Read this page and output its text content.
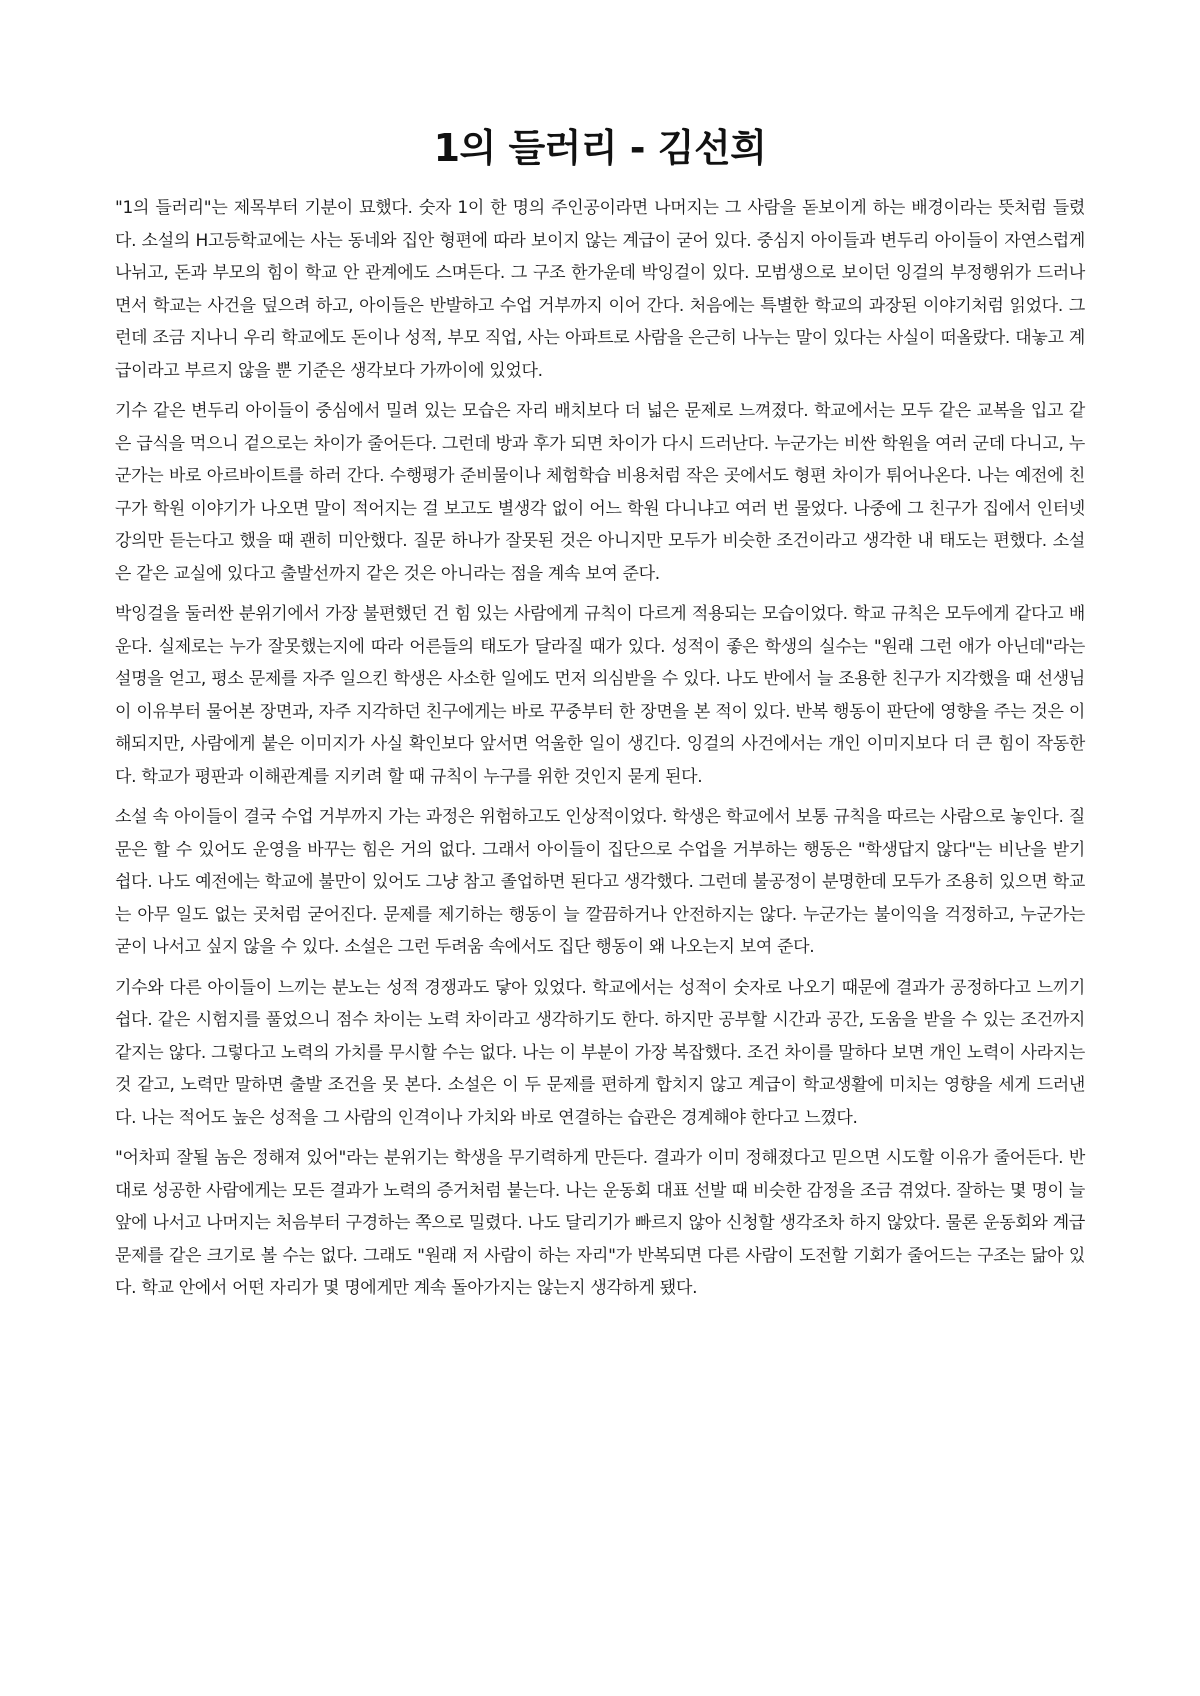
1의 들러리 - 김선희

"1의 들러리"는 제목부터 기분이 묘했다. 숫자 1이 한 명의 주인공이라면 나머지는 그 사람을 돋보이게 하는 배경이라는 뜻처럼 들렸다. 소설의 H고등학교에는 사는 동네와 집안 형편에 따라 보이지 않는 계급이 굳어 있다. 중심지 아이들과 변두리 아이들이 자연스럽게 나뉘고, 돈과 부모의 힘이 학교 안 관계에도 스며든다. 그 구조 한가운데 박잉걸이 있다. 모범생으로 보이던 잉걸의 부정행위가 드러나면서 학교는 사건을 덮으려 하고, 아이들은 반발하고 수업 거부까지 이어 간다. 처음에는 특별한 학교의 과장된 이야기처럼 읽었다. 그런데 조금 지나니 우리 학교에도 돈이나 성적, 부모 직업, 사는 아파트로 사람을 은근히 나누는 말이 있다는 사실이 떠올랐다. 대놓고 계급이라고 부르지 않을 뿐 기준은 생각보다 가까이에 있었다.

기수 같은 변두리 아이들이 중심에서 밀려 있는 모습은 자리 배치보다 더 넓은 문제로 느껴졌다. 학교에서는 모두 같은 교복을 입고 같은 급식을 먹으니 겉으로는 차이가 줄어든다. 그런데 방과 후가 되면 차이가 다시 드러난다. 누군가는 비싼 학원을 여러 군데 다니고, 누군가는 바로 아르바이트를 하러 간다. 수행평가 준비물이나 체험학습 비용처럼 작은 곳에서도 형편 차이가 튀어나온다. 나는 예전에 친구가 학원 이야기가 나오면 말이 적어지는 걸 보고도 별생각 없이 어느 학원 다니냐고 여러 번 물었다. 나중에 그 친구가 집에서 인터넷 강의만 듣는다고 했을 때 괜히 미안했다. 질문 하나가 잘못된 것은 아니지만 모두가 비슷한 조건이라고 생각한 내 태도는 편했다. 소설은 같은 교실에 있다고 출발선까지 같은 것은 아니라는 점을 계속 보여 준다.

박잉걸을 둘러싼 분위기에서 가장 불편했던 건 힘 있는 사람에게 규칙이 다르게 적용되는 모습이었다. 학교 규칙은 모두에게 같다고 배운다. 실제로는 누가 잘못했는지에 따라 어른들의 태도가 달라질 때가 있다. 성적이 좋은 학생의 실수는 "원래 그런 애가 아닌데"라는 설명을 얻고, 평소 문제를 자주 일으킨 학생은 사소한 일에도 먼저 의심받을 수 있다. 나도 반에서 늘 조용한 친구가 지각했을 때 선생님이 이유부터 물어본 장면과, 자주 지각하던 친구에게는 바로 꾸중부터 한 장면을 본 적이 있다. 반복 행동이 판단에 영향을 주는 것은 이해되지만, 사람에게 붙은 이미지가 사실 확인보다 앞서면 억울한 일이 생긴다. 잉걸의 사건에서는 개인 이미지보다 더 큰 힘이 작동한다. 학교가 평판과 이해관계를 지키려 할 때 규칙이 누구를 위한 것인지 묻게 된다.

소설 속 아이들이 결국 수업 거부까지 가는 과정은 위험하고도 인상적이었다. 학생은 학교에서 보통 규칙을 따르는 사람으로 놓인다. 질문은 할 수 있어도 운영을 바꾸는 힘은 거의 없다. 그래서 아이들이 집단으로 수업을 거부하는 행동은 "학생답지 않다"는 비난을 받기 쉽다. 나도 예전에는 학교에 불만이 있어도 그냥 참고 졸업하면 된다고 생각했다. 그런데 불공정이 분명한데 모두가 조용히 있으면 학교는 아무 일도 없는 곳처럼 굳어진다. 문제를 제기하는 행동이 늘 깔끔하거나 안전하지는 않다. 누군가는 불이익을 걱정하고, 누군가는 굳이 나서고 싶지 않을 수 있다. 소설은 그런 두려움 속에서도 집단 행동이 왜 나오는지 보여 준다.

기수와 다른 아이들이 느끼는 분노는 성적 경쟁과도 닿아 있었다. 학교에서는 성적이 숫자로 나오기 때문에 결과가 공정하다고 느끼기 쉽다. 같은 시험지를 풀었으니 점수 차이는 노력 차이라고 생각하기도 한다. 하지만 공부할 시간과 공간, 도움을 받을 수 있는 조건까지 같지는 않다. 그렇다고 노력의 가치를 무시할 수는 없다. 나는 이 부분이 가장 복잡했다. 조건 차이를 말하다 보면 개인 노력이 사라지는 것 같고, 노력만 말하면 출발 조건을 못 본다. 소설은 이 두 문제를 편하게 합치지 않고 계급이 학교생활에 미치는 영향을 세게 드러낸다. 나는 적어도 높은 성적을 그 사람의 인격이나 가치와 바로 연결하는 습관은 경계해야 한다고 느꼈다.

"어차피 잘될 놈은 정해져 있어"라는 분위기는 학생을 무기력하게 만든다. 결과가 이미 정해졌다고 믿으면 시도할 이유가 줄어든다. 반대로 성공한 사람에게는 모든 결과가 노력의 증거처럼 붙는다. 나는 운동회 대표 선발 때 비슷한 감정을 조금 겪었다. 잘하는 몇 명이 늘 앞에 나서고 나머지는 처음부터 구경하는 쪽으로 밀렸다. 나도 달리기가 빠르지 않아 신청할 생각조차 하지 않았다. 물론 운동회와 계급 문제를 같은 크기로 볼 수는 없다. 그래도 "원래 저 사람이 하는 자리"가 반복되면 다른 사람이 도전할 기회가 줄어드는 구조는 닮아 있다. 학교 안에서 어떤 자리가 몇 명에게만 계속 돌아가지는 않는지 생각하게 됐다.
